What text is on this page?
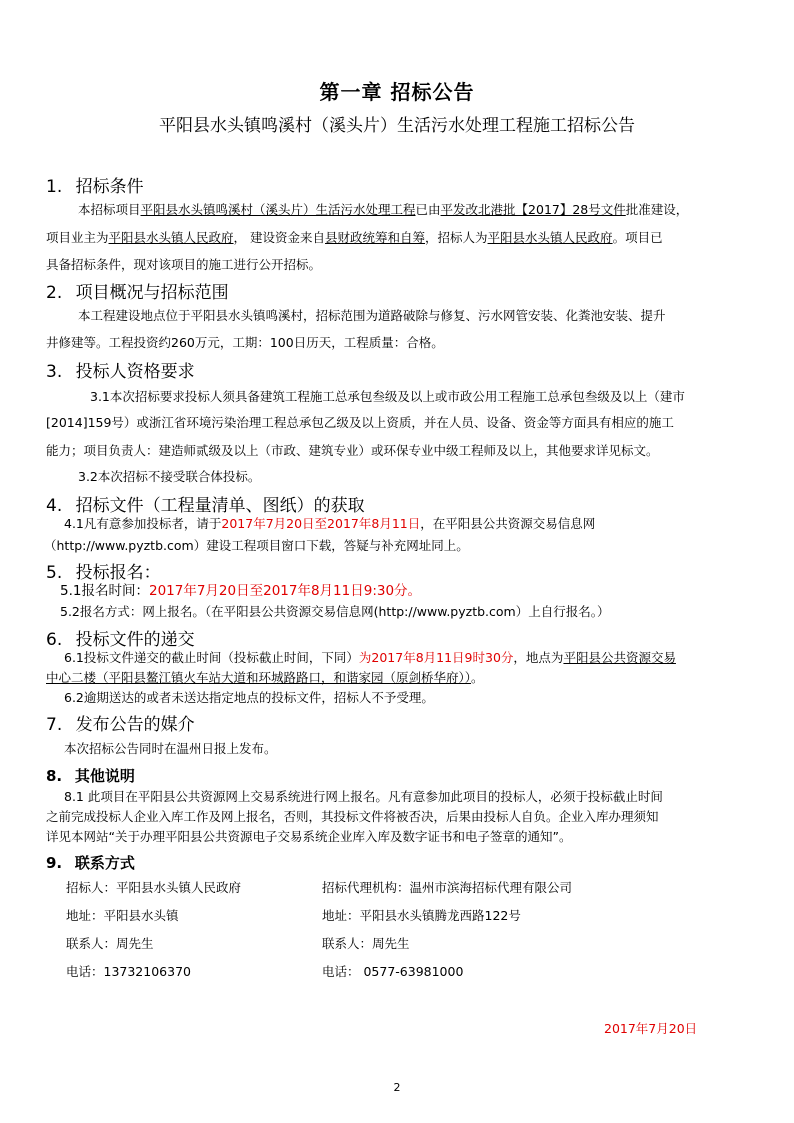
第一章 招标公告
平阳县水头镇鸣溪村（溪头片）生活污水处理工程施工招标公告
1. 招标条件
本招标项目平阳县水头镇鸣溪村（溪头片）生活污水处理工程已由平发改北港批【2017】28号文件批准建设，
项目业主为平阳县水头镇人民政府， 建设资金来自县财政统筹和自筹，招标人为平阳县水头镇人民政府。项目已
具备招标条件，现对该项目的施工进行公开招标。
2. 项目概况与招标范围
本工程建设地点位于平阳县水头镇鸣溪村，招标范围为道路破除与修复、污水网管安装、化粪池安装、提升
井修建等。工程投资约260万元，工期：100日历天，工程质量：合格。
3. 投标人资格要求
3.1本次招标要求投标人须具备建筑工程施工总承包叁级及以上或市政公用工程施工总承包叁级及以上（建市
[2014]159号）或浙江省环境污染治理工程总承包乙级及以上资质，并在人员、设备、资金等方面具有相应的施工
能力；项目负责人：建造师贰级及以上（市政、建筑专业）或环保专业中级工程师及以上，其他要求详见标文。
3.2本次招标不接受联合体投标。
4. 招标文件（工程量清单、图纸）的获取
4.1凡有意参加投标者，请于2017年7月20日至2017年8月11日，在平阳县公共资源交易信息网
（http://www.pyztb.com）建设工程项目窗口下载，答疑与补充网址同上。
5. 投标报名：
5.1报名时间：2017年7月20日至2017年8月11日9:30分。
5.2报名方式：网上报名。（在平阳县公共资源交易信息网(http://www.pyztb.com）上自行报名。）
6. 投标文件的递交
6.1投标文件递交的截止时间（投标截止时间，下同）为2017年8月11日9时30分，地点为平阳县公共资源交易
中心二楼（平阳县鳌江镇火车站大道和环城路路口，和谐家园（原剑桥华府））。
6.2逾期送达的或者未送达指定地点的投标文件，招标人不予受理。
7. 发布公告的媒介
本次招标公告同时在温州日报上发布。
8. 其他说明
8.1 此项目在平阳县公共资源网上交易系统进行网上报名。凡有意参加此项目的投标人，必须于投标截止时间
之前完成投标人企业入库工作及网上报名，否则，其投标文件将被否决，后果由投标人自负。企业入库办理须知
详见本网站“关于办理平阳县公共资源电子交易系统企业库入库及数字证书和电子签章的通知”。
9. 联系方式
招标人：平阳县水头镇人民政府	招标代理机构：温州市滨海招标代理有限公司
地址：平阳县水头镇	地址：平阳县水头镇腾龙西路122号
联系人：周先生	联系人：周先生
电话：13732106370	电话： 0577-63981000
2017年7月20日
2
